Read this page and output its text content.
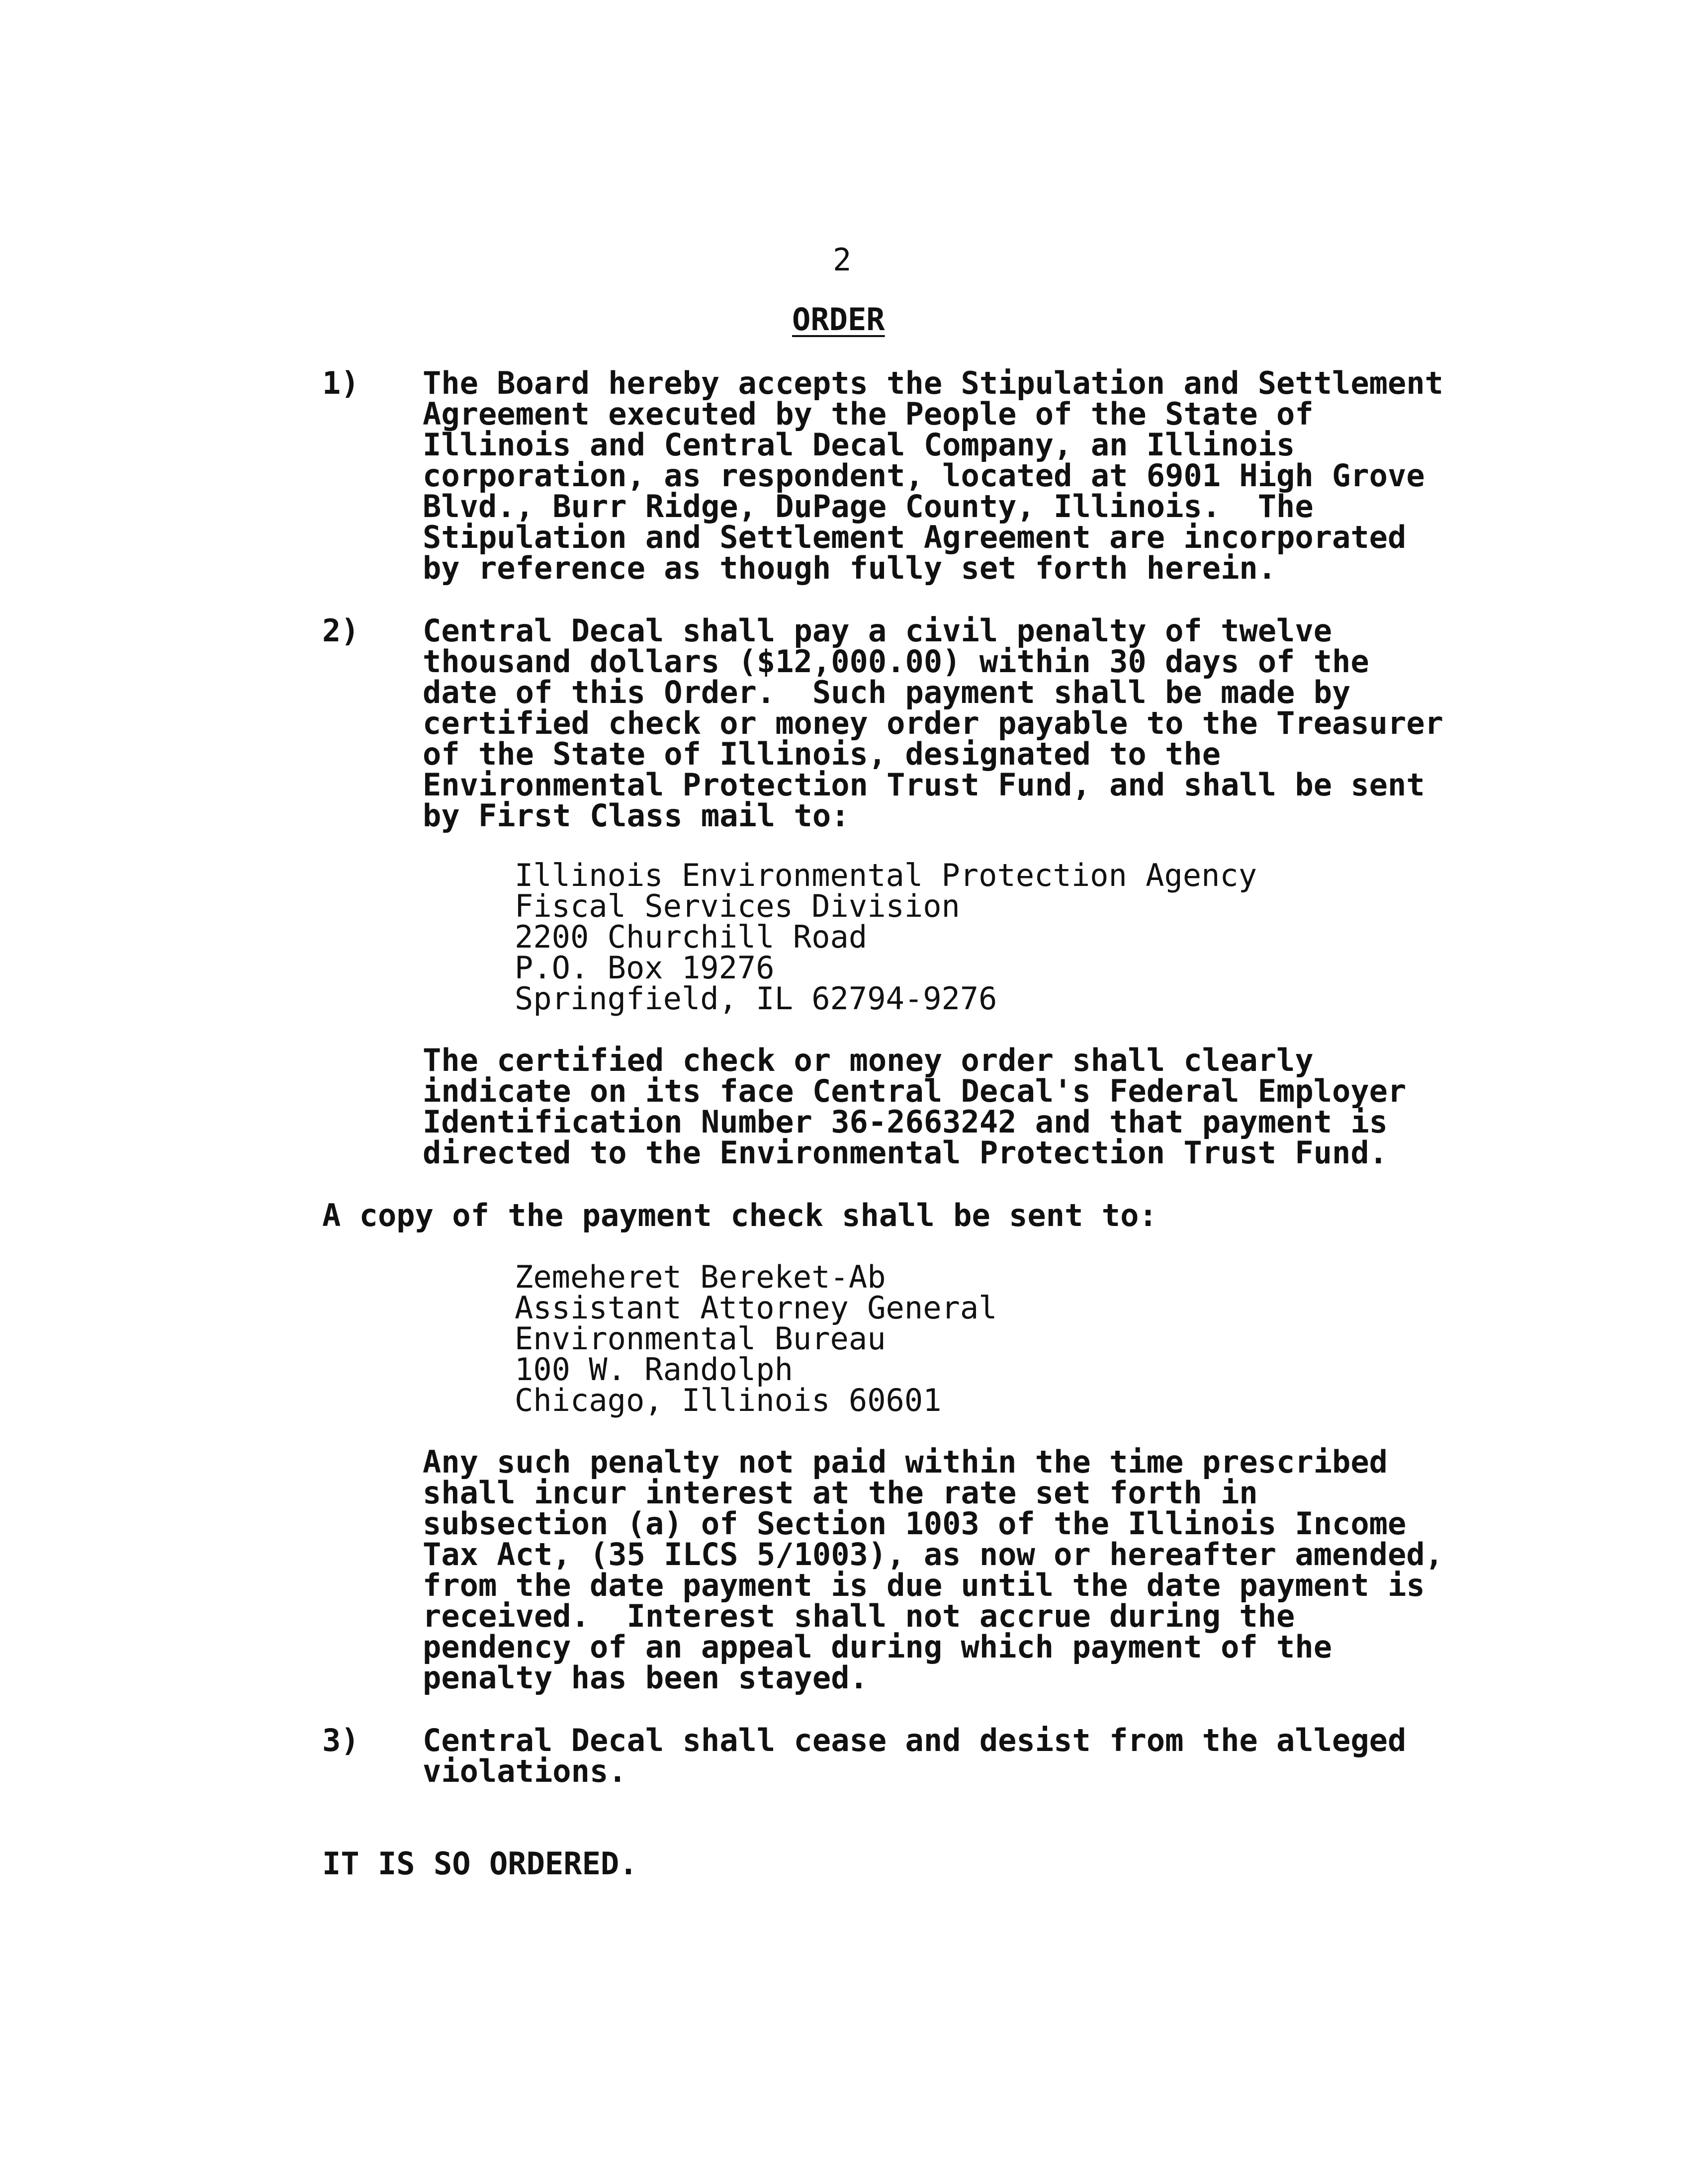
2
ORDER
1) The Board hereby accepts the Stipulation and Settlement
Agreement executed by the People of the State of
Illinois and Central Decal Company, an Illinois
corporation, as respondent, located at 6901 High Grove
Blvd., Burr Ridge, DuPage County, Illinois.  The
Stipulation and Settlement Agreement are incorporated
by reference as though fully set forth herein.
2) Central Decal shall pay a civil penalty of twelve
thousand dollars ($12,000.00) within 30 days of the
date of this Order.  Such payment shall be made by
certified check or money order payable to the Treasurer
of the State of Illinois, designated to the
Environmental Protection Trust Fund, and shall be sent
by First Class mail to:
Illinois Environmental Protection Agency
Fiscal Services Division
2200 Churchill Road
P.O. Box 19276
Springfield, IL 62794-9276
The certified check or money order shall clearly
indicate on its face Central Decal's Federal Employer
Identification Number 36-2663242 and that payment is
directed to the Environmental Protection Trust Fund.
A copy of the payment check shall be sent to:
Zemeheret Bereket-Ab
Assistant Attorney General
Environmental Bureau
100 W. Randolph
Chicago, Illinois 60601
Any such penalty not paid within the time prescribed
shall incur interest at the rate set forth in
subsection (a) of Section 1003 of the Illinois Income
Tax Act, (35 ILCS 5/1003), as now or hereafter amended,
from the date payment is due until the date payment is
received.  Interest shall not accrue during the
pendency of an appeal during which payment of the
penalty has been stayed.
3) Central Decal shall cease and desist from the alleged
violations.
IT IS SO ORDERED.
